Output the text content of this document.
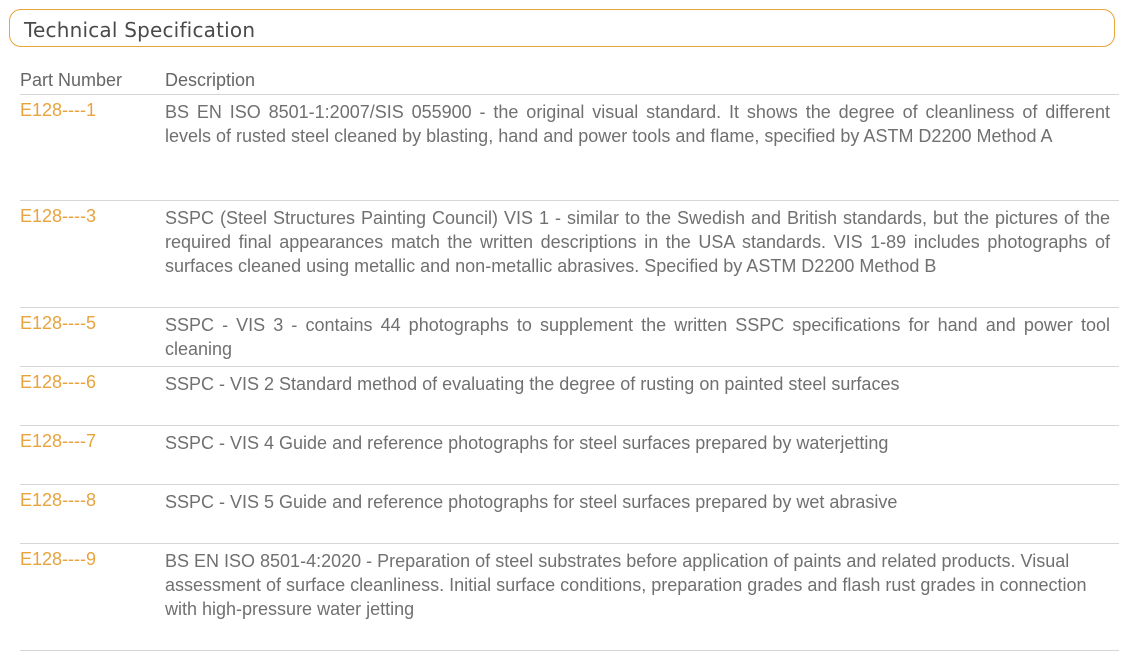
Technical Specification
Part Number Description
E128----1	BS EN ISO 8501-1:2007/SIS 055900 - the original visual standard. It shows the degree of cleanliness of different levels of rusted steel cleaned by blasting, hand and power tools and flame, specified by ASTM D2200 Method A
E128----3	SSPC (Steel Structures Painting Council) VIS 1 - similar to the Swedish and British standards, but the pictures of the required final appearances match the written descriptions in the USA standards. VIS 1-89 includes photographs of surfaces cleaned using metallic and non-metallic abrasives. Specified by ASTM D2200 Method B
E128----5	SSPC - VIS 3 - contains 44 photographs to supplement the written SSPC specifications for hand and power tool cleaning
E128----6	SSPC - VIS 2 Standard method of evaluating the degree of rusting on painted steel surfaces
E128----7	SSPC - VIS 4 Guide and reference photographs for steel surfaces prepared by waterjetting
E128----8	SSPC - VIS 5 Guide and reference photographs for steel surfaces prepared by wet abrasive
E128----9	BS EN ISO 8501-4:2020 - Preparation of steel substrates before application of paints and related products. Visual assessment of surface cleanliness. Initial surface conditions, preparation grades and flash rust grades in connection with high-pressure water jetting
